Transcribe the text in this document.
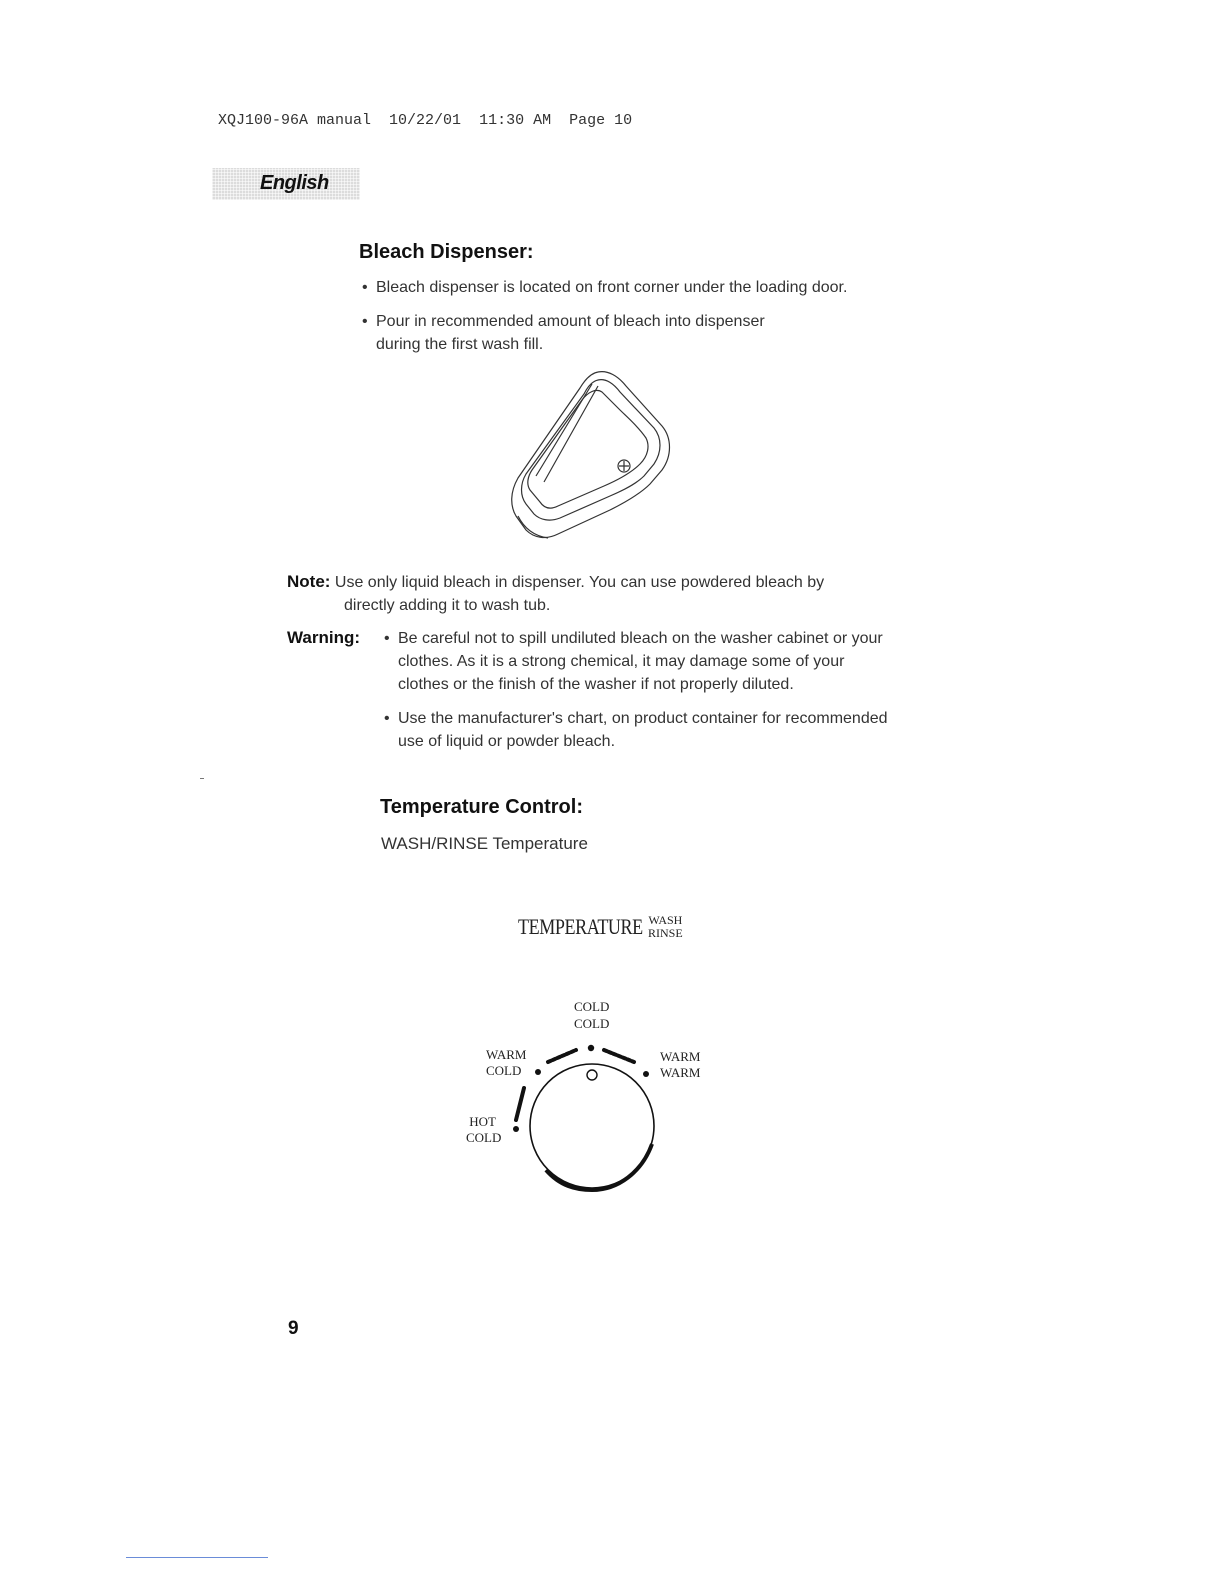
XQJ100-96A manual 10/22/01 11:30 AM Page 10
English
Bleach Dispenser:
• Bleach dispenser is located on front corner under the loading door.
• Pour in recommended amount of bleach into dispenser
during the first wash fill.
Note: Use only liquid bleach in dispenser. You can use powdered bleach by
directly adding it to wash tub.
Warning: • Be careful not to spill undiluted bleach on the washer cabinet or your
clothes. As it is a strong chemical, it may damage some of your
clothes or the finish of the washer if not properly diluted.
• Use the manufacturer's chart, on product container for recommended
use of liquid or powder bleach.
Temperature Control:
WASH/RINSE Temperature
TEMPERATURE WASH
RINSE
COLD
COLD
WARM
COLD
WARM
WARM
HOT
COLD
9
